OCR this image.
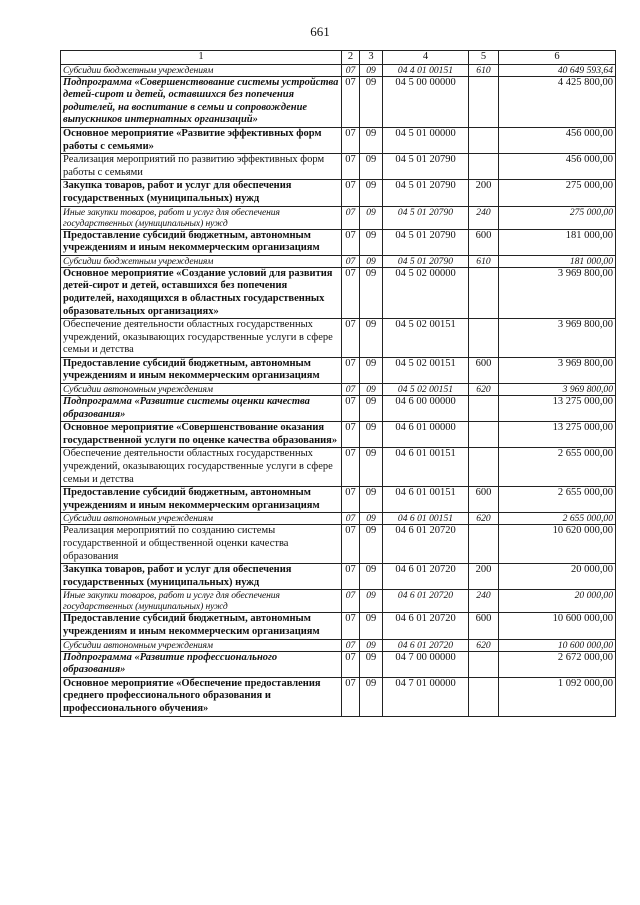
661
1	2	3	4	5	6
Субсидии бюджетным учреждениям	07	09	04 4 01 00151	610	40 649 593,64
Подпрограмма «Совершенствование системы устройства детей-сирот и детей, оставшихся без попечения родителей, на воспитание в семьи и сопровождение выпускников интернатных организаций»	07	09	04 5 00 00000		4 425 800,00
Основное мероприятие «Развитие эффективных форм работы с семьями»	07	09	04 5 01 00000		456 000,00
Реализация мероприятий по развитию эффективных форм работы с семьями	07	09	04 5 01 20790		456 000,00
Закупка товаров, работ и услуг для обеспечения государственных (муниципальных) нужд	07	09	04 5 01 20790	200	275 000,00
Иные закупки товаров, работ и услуг для обеспечения государственных (муниципальных) нужд	07	09	04 5 01 20790	240	275 000,00
Предоставление субсидий бюджетным, автономным учреждениям и иным некоммерческим организациям	07	09	04 5 01 20790	600	181 000,00
Субсидии бюджетным учреждениям	07	09	04 5 01 20790	610	181 000,00
Основное мероприятие «Создание условий для развития детей-сирот и детей, оставшихся без попечения родителей, находящихся в областных государственных образовательных организациях»	07	09	04 5 02 00000		3 969 800,00
Обеспечение деятельности областных государственных учреждений, оказывающих государственные услуги в сфере семьи и детства	07	09	04 5 02 00151		3 969 800,00
Предоставление субсидий бюджетным, автономным учреждениям и иным некоммерческим организациям	07	09	04 5 02 00151	600	3 969 800,00
Субсидии автономным учреждениям	07	09	04 5 02 00151	620	3 969 800,00
Подпрограмма «Развитие системы оценки качества образования»	07	09	04 6 00 00000		13 275 000,00
Основное мероприятие «Совершенствование оказания государственной услуги по оценке качества образования»	07	09	04 6 01 00000		13 275 000,00
Обеспечение деятельности областных государственных учреждений, оказывающих государственные услуги в сфере семьи и детства	07	09	04 6 01 00151		2 655 000,00
Предоставление субсидий бюджетным, автономным учреждениям и иным некоммерческим организациям	07	09	04 6 01 00151	600	2 655 000,00
Субсидии автономным учреждениям	07	09	04 6 01 00151	620	2 655 000,00
Реализация мероприятий по созданию системы государственной и общественной оценки качества образования	07	09	04 6 01 20720		10 620 000,00
Закупка товаров, работ и услуг для обеспечения государственных (муниципальных) нужд	07	09	04 6 01 20720	200	20 000,00
Иные закупки товаров, работ и услуг для обеспечения государственных (муниципальных) нужд	07	09	04 6 01 20720	240	20 000,00
Предоставление субсидий бюджетным, автономным учреждениям и иным некоммерческим организациям	07	09	04 6 01 20720	600	10 600 000,00
Субсидии автономным учреждениям	07	09	04 6 01 20720	620	10 600 000,00
Подпрограмма «Развитие профессионального образования»	07	09	04 7 00 00000		2 672 000,00
Основное мероприятие «Обеспечение предоставления среднего профессионального образования и профессионального обучения»	07	09	04 7 01 00000		1 092 000,00
